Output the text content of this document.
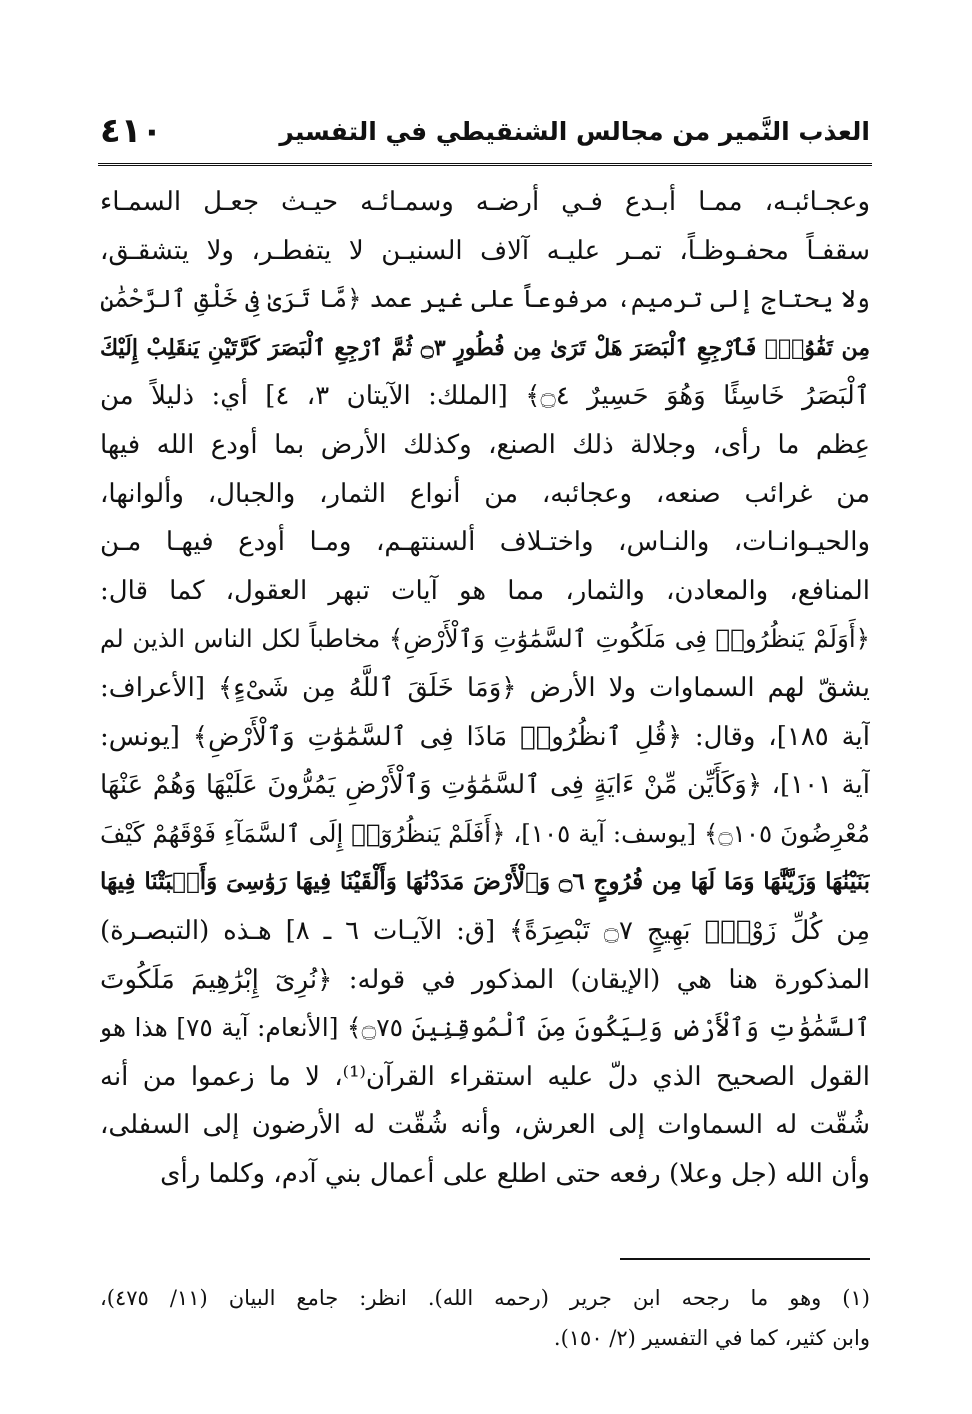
العذب النَّمير من مجالس الشنقيطي في التفسير
٤١٠
وعجـائبـه، ممـا أبـدع فـي أرضـه وسمـائـه حيـث جعـل السمـاء
سقفـاً محفـوظـاً، تمـر عليـه آلاف السنيـن لا يتفطـر، ولا يتشقـق،
ولا يحتاج إلى ترميم، مرفوعاً على غير عمد ﴿مَّا تَرَىٰ فِى خَلْقِ ٱلرَّحْمَٰنِ
مِن تَفَٰوُتٍۖ فَٱرْجِعِ ٱلْبَصَرَ هَلْ تَرَىٰ مِن فُطُورٍ ۝٣ ثُمَّ ٱرْجِعِ ٱلْبَصَرَ كَرَّتَيْنِ يَنقَلِبْ إِلَيْكَ
ٱلْبَصَرُ خَاسِئًا وَهُوَ حَسِيرٌ ۝٤﴾ [الملك: الآيتان ٣، ٤] أي: ذليلاً من
عِظم ما رأى، وجلالة ذلك الصنع، وكذلك الأرض بما أودع الله فيها
من غرائب صنعه، وعجائبه، من أنواع الثمار، والجبال، وألوانها،
والحيـوانـات، والنـاس، واختـلاف ألسنتهـم، ومـا أودع فيهـا مـن
المنافع، والمعادن، والثمار، مما هو آيات تبهر العقول، كما قال:
﴿أَوَلَمْ يَنظُرُوا۟ فِى مَلَكُوتِ ٱلسَّمَٰوَٰتِ وَٱلْأَرْضِ﴾ مخاطباً لكل الناس الذين لم
يشقّ لهم السماوات ولا الأرض ﴿وَمَا خَلَقَ ٱللَّهُ مِن شَىْءٍ﴾ [الأعراف:
آية ١٨٥]، وقال: ﴿قُلِ ٱنظُرُوا۟ مَاذَا فِى ٱلسَّمَٰوَٰتِ وَٱلْأَرْضِ﴾ [يونس:
آية ١٠١]، ﴿وَكَأَيِّن مِّنْ ءَايَةٍ فِى ٱلسَّمَٰوَٰتِ وَٱلْأَرْضِ يَمُرُّونَ عَلَيْهَا وَهُمْ عَنْهَا
مُعْرِضُونَ ۝١٠٥﴾ [يوسف: آية ١٠٥]، ﴿أَفَلَمْ يَنظُرُوٓا۟ إِلَى ٱلسَّمَآءِ فَوْقَهُمْ كَيْفَ
بَنَيْنَٰهَا وَزَيَّنَّٰهَا وَمَا لَهَا مِن فُرُوجٍ ۝٦ وَٱلْأَرْضَ مَدَدْنَٰهَا وَأَلْقَيْنَا فِيهَا رَوَٰسِىَ وَأَنۢبَتْنَا فِيهَا
مِن كُلِّ زَوْجٍۭ بَهِيجٍ ۝٧ تَبْصِرَةً﴾ [ق: الآيـات ٦ ـ ٨] هـذه (التبصـرة)
المذكورة هنا هي (الإيقان) المذكور في قوله: ﴿نُرِىٓ إِبْرَٰهِيمَ مَلَكُوتَ
ٱلسَّمَٰوَٰتِ وَٱلْأَرْضِ وَلِيَكُونَ مِنَ ٱلْمُوقِنِينَ ۝٧٥﴾ [الأنعام: آية ٧٥] هذا هو
القول الصحيح الذي دلّ عليه استقراء القرآن⁽¹⁾، لا ما زعموا من أنه
شُقّت له السماوات إلى العرش، وأنه شُقّت له الأرضون إلى السفلى،
وأن الله (جل وعلا) رفعه حتى اطلع على أعمال بني آدم، وكلما رأى
(١) وهو ما رجحه ابن جرير (رحمه الله). انظر: جامع البيان (١١/ ٤٧٥)،
وابن كثير، كما في التفسير (٢/ ١٥٠).
